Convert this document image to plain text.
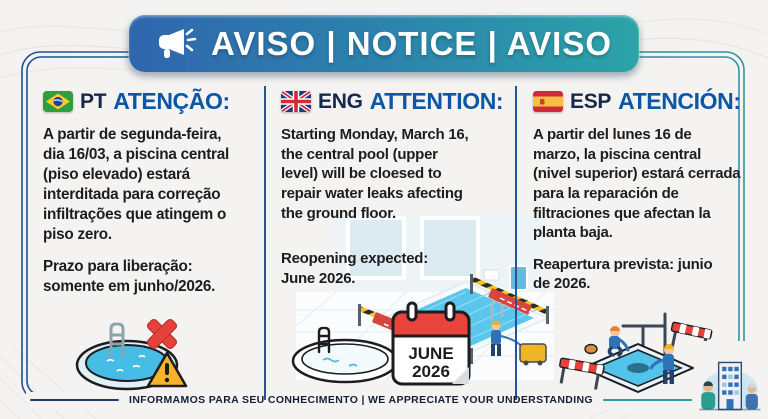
AVISO | NOTICE | AVISO
PT ATENÇÃO:

A partir de segunda-feira, dia 16/03, a piscina central (piso elevado) estará interditada para correção infiltrações que atingem o piso zero.

Prazo para liberação: somente em junho/2026.

ENG ATTENTION:

Starting Monday, March 16, the central pool (upper level) will be cloesed to repair water leaks afecting the ground floor.

Reopening expected: June 2026.

JUNE
2026
ESP ATENCIÓN:

A partir del lunes 16 de marzo, la piscina central (nivel superior) estará cerrada para la reparación de filtraciones que afectan la planta baja.

Reapertura prevista: junio de 2026.

INFORMAMOS PARA SEU CONHECIMENTO | WE APPRECIATE YOUR UNDERSTANDING
